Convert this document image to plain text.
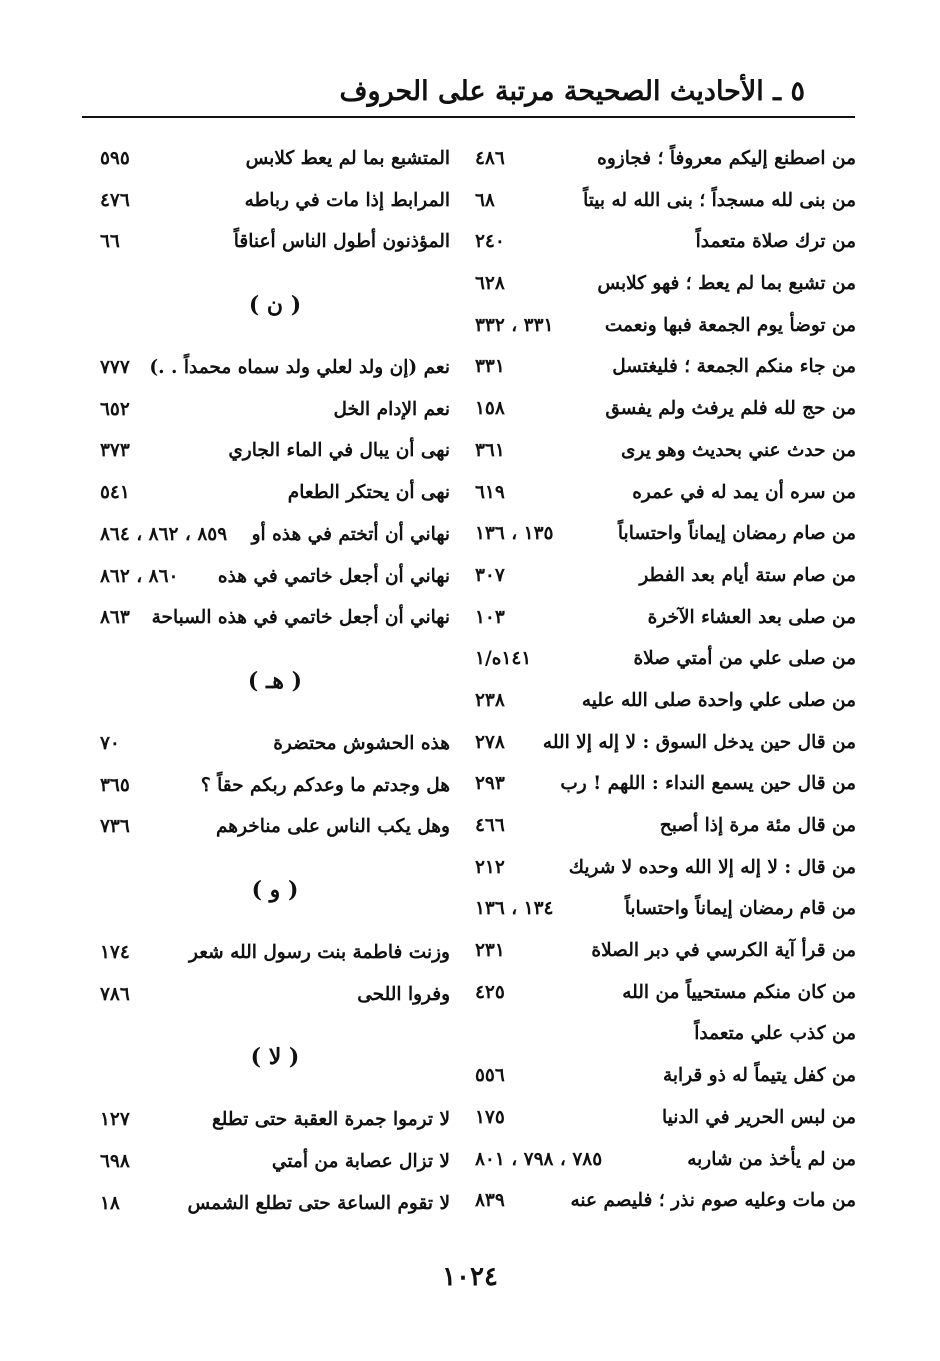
٥ ـ الأحاديث الصحيحة مرتبة على الحروف
من اصطنع إليكم معروفاً ؛ فجازوه
٤٨٦
من بنى لله مسجداً ؛ بنى الله له بيتاً
٦٨
من ترك صلاة متعمداً
٢٤٠
من تشبع بما لم يعط ؛ فهو كلابس
٦٢٨
من توضأ يوم الجمعة فبها ونعمت
٣٣١ ، ٣٣٢
من جاء منكم الجمعة ؛ فليغتسل
٣٣١
من حج لله فلم يرفث ولم يفسق
١٥٨
من حدث عني بحديث وهو يرى
٣٦١
من سره أن يمد له في عمره
٦١٩
من صام رمضان إيماناً واحتساباً
١٣٥ ، ١٣٦
من صام ستة أيام بعد الفطر
٣٠٧
من صلى بعد العشاء الآخرة
١٠٣
من صلى علي من أمتي صلاة
١٤١ه/١
من صلى علي واحدة صلى الله عليه
٢٣٨
من قال حين يدخل السوق : لا إله إلا الله
٢٧٨
من قال حين يسمع النداء : اللهم ! رب
٢٩٣
من قال مئة مرة إذا أصبح
٤٦٦
من قال : لا إله إلا الله وحده لا شريك
٢١٢
من قام رمضان إيماناً واحتساباً
١٣٤ ، ١٣٦
من قرأ آية الكرسي في دبر الصلاة
٢٣١
من كان منكم مستحيياً من الله
٤٢٥
من كذب علي متعمداً
من كفل يتيماً له ذو قرابة
٥٥٦
من لبس الحرير في الدنيا
١٧٥
من لم يأخذ من شاربه
٧٨٥ ، ٧٩٨ ، ٨٠١
من مات وعليه صوم نذر ؛ فليصم عنه
٨٣٩
المتشبع بما لم يعط كلابس
٥٩٥
المرابط إذا مات في رباطه
٤٧٦
المؤذنون أطول الناس أعناقاً
٦٦
( ن )
نعم (إن ولد لعلي ولد سماه محمداً . .)
٧٧٧
نعم الإدام الخل
٦٥٢
نهى أن يبال في الماء الجاري
٣٧٣
نهى أن يحتكر الطعام
٥٤١
نهاني أن أتختم في هذه أو
٨٥٩ ، ٨٦٢ ، ٨٦٤
نهاني أن أجعل خاتمي في هذه
٨٦٠ ، ٨٦٢
نهاني أن أجعل خاتمي في هذه السباحة
٨٦٣
( هـ )
هذه الحشوش محتضرة
٧٠
هل وجدتم ما وعدكم ربكم حقاً ؟
٣٦٥
وهل يكب الناس على مناخرهم
٧٣٦
( و )
وزنت فاطمة بنت رسول الله شعر
١٧٤
وفروا اللحى
٧٨٦
( لا )
لا ترموا جمرة العقبة حتى تطلع
١٢٧
لا تزال عصابة من أمتي
٦٩٨
لا تقوم الساعة حتى تطلع الشمس
١٨
١٠٢٤
